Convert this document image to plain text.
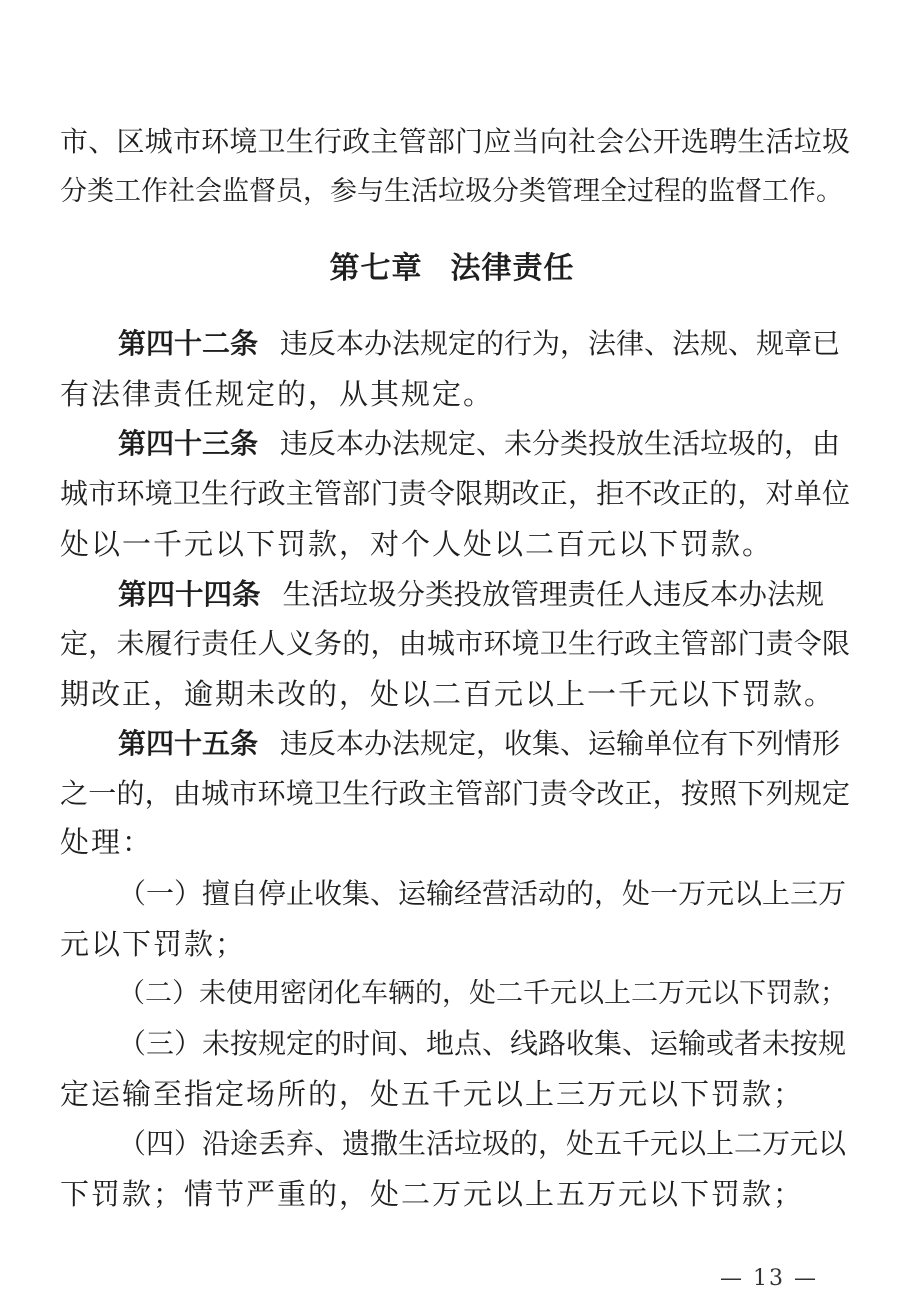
市、区城市环境卫生行政主管部门应当向社会公开选聘生活垃圾
分类工作社会监督员，参与生活垃圾分类管理全过程的监督工作。
第七章 法律责任
第四十二条 违反本办法规定的行为，法律、法规、规章已
有法律责任规定的，从其规定。
第四十三条 违反本办法规定、未分类投放生活垃圾的，由
城市环境卫生行政主管部门责令限期改正，拒不改正的，对单位
处以一千元以下罚款，对个人处以二百元以下罚款。
第四十四条 生活垃圾分类投放管理责任人违反本办法规
定，未履行责任人义务的，由城市环境卫生行政主管部门责令限
期改正，逾期未改的，处以二百元以上一千元以下罚款。
第四十五条 违反本办法规定，收集、运输单位有下列情形
之一的，由城市环境卫生行政主管部门责令改正，按照下列规定
处理：
（一）擅自停止收集、运输经营活动的，处一万元以上三万
元以下罚款；
（二）未使用密闭化车辆的，处二千元以上二万元以下罚款；
（三）未按规定的时间、地点、线路收集、运输或者未按规
定运输至指定场所的，处五千元以上三万元以下罚款；
（四）沿途丢弃、遗撒生活垃圾的，处五千元以上二万元以
下罚款；情节严重的，处二万元以上五万元以下罚款；
— 13 —
